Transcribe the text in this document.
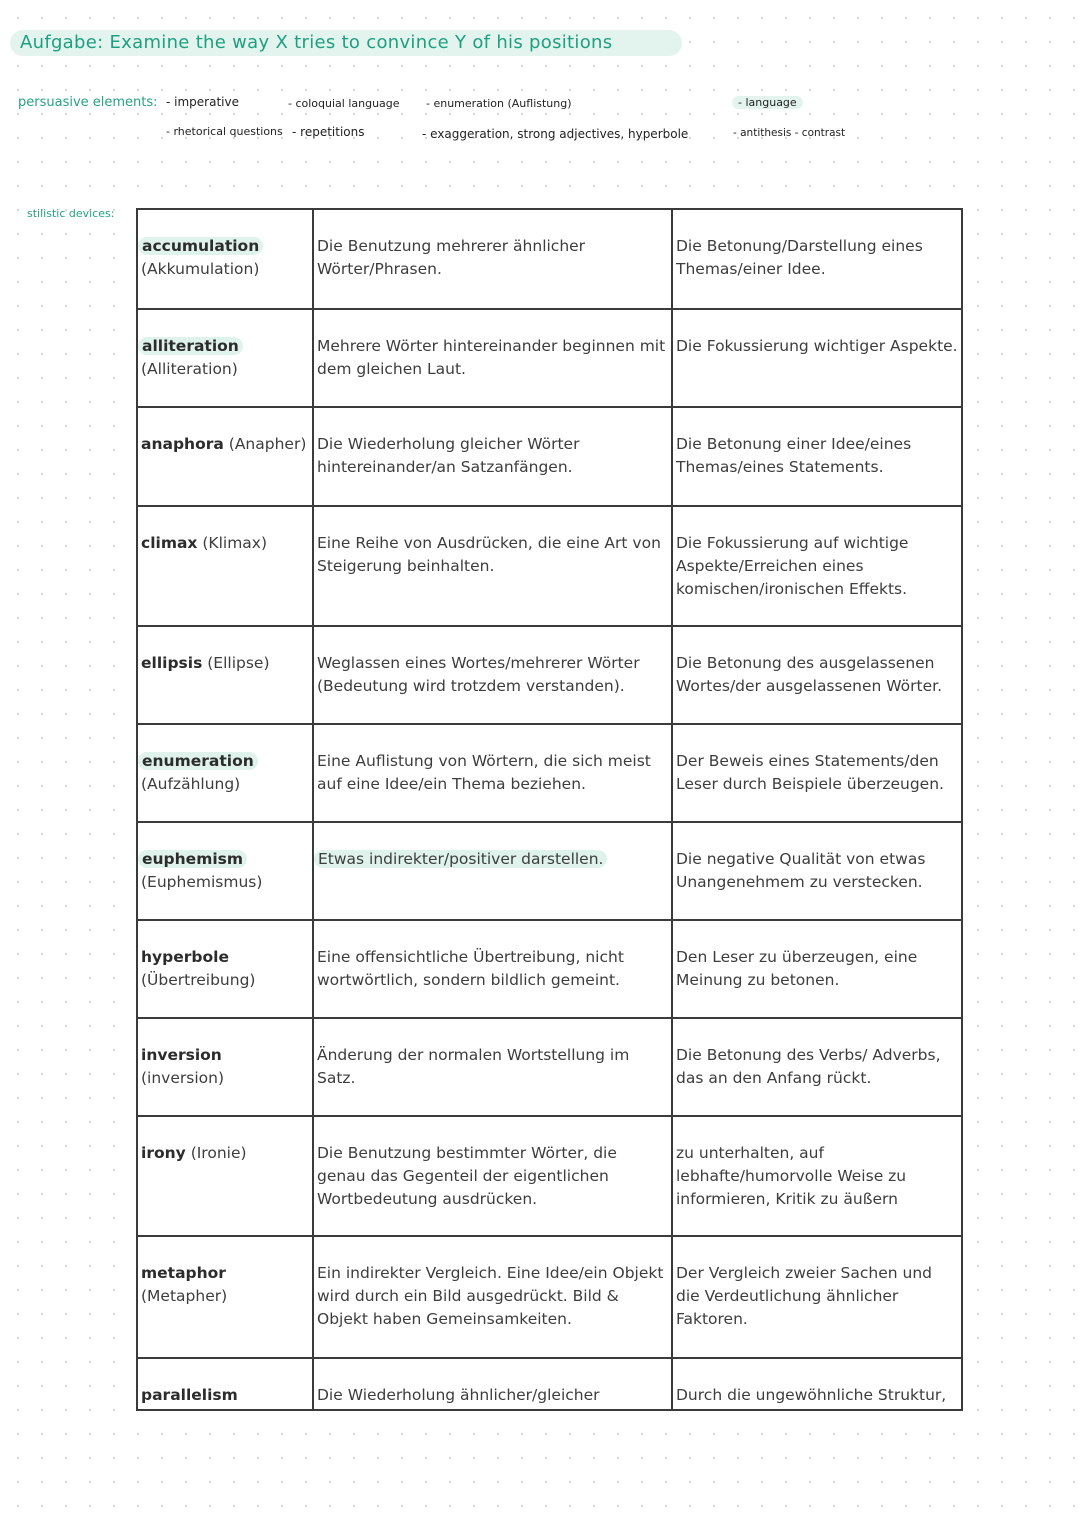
Aufgabe: Examine the way X tries to convince Y of his positions
persuasive elements: - imperative	- coloquial language - enumeration (Auflistung)	- language
- rhetorical questions - repetitions	- exaggeration, strong adjectives, hyperbole	- antithesis - contrast
stilistic devices:
accumulation
(Akkumulation)	Die Benutzung mehrerer ähnlicher Wörter/Phrasen.	Die Betonung/Darstellung eines Themas/einer Idee.
alliteration
(Alliteration)	Mehrere Wörter hintereinander beginnen mit dem gleichen Laut.	Die Fokussierung wichtiger Aspekte.
anaphora (Anapher)	Die Wiederholung gleicher Wörter hintereinander/an Satzanfängen.	Die Betonung einer Idee/eines Themas/eines Statements.
climax (Klimax)	Eine Reihe von Ausdrücken, die eine Art von Steigerung beinhalten.	Die Fokussierung auf wichtige Aspekte/Erreichen eines komischen/ironischen Effekts.
ellipsis (Ellipse)	Weglassen eines Wortes/mehrerer Wörter (Bedeutung wird trotzdem verstanden).	Die Betonung des ausgelassenen Wortes/der ausgelassenen Wörter.
enumeration
(Aufzählung)	Eine Auflistung von Wörtern, die sich meist auf eine Idee/ein Thema beziehen.	Der Beweis eines Statements/den Leser durch Beispiele überzeugen.
euphemism
(Euphemismus)	Etwas indirekter/positiver darstellen.	Die negative Qualität von etwas Unangenehmem zu verstecken.
hyperbole
(Übertreibung)	Eine offensichtliche Übertreibung, nicht wortwörtlich, sondern bildlich gemeint.	Den Leser zu überzeugen, eine Meinung zu betonen.
inversion (inversion)	Änderung der normalen Wortstellung im Satz.	Die Betonung des Verbs/ Adverbs, das an den Anfang rückt.
irony (Ironie)	Die Benutzung bestimmter Wörter, die genau das Gegenteil der eigentlichen Wortbedeutung ausdrücken.	zu unterhalten, auf lebhafte/humorvolle Weise zu informieren, Kritik zu äußern
metaphor (Metapher)	Ein indirekter Vergleich. Eine Idee/ein Objekt wird durch ein Bild ausgedrückt. Bild & Objekt haben Gemeinsamkeiten.	Der Vergleich zweier Sachen und die Verdeutlichung ähnlicher Faktoren.
parallelism	Die Wiederholung ähnlicher/gleicher	Durch die ungewöhnliche Struktur,
